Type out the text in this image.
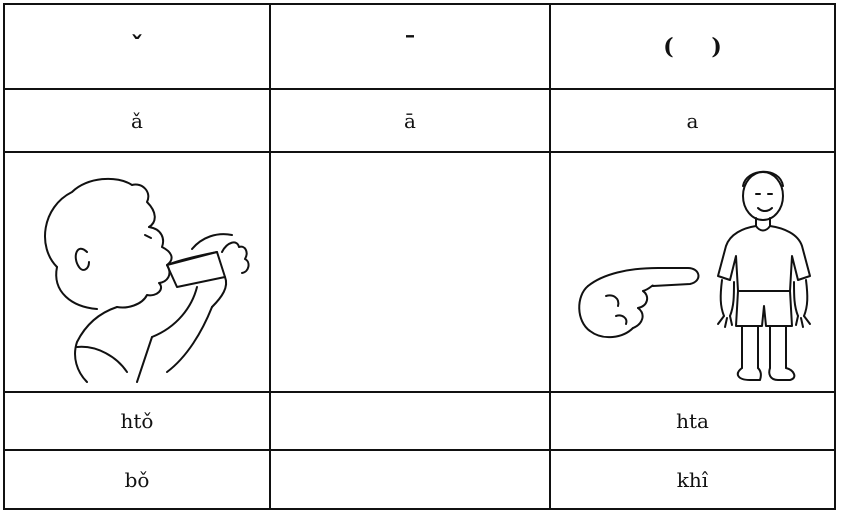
ˇ	¯	( )
ǎ	ā	a

htǒ		hta
bǒ		khî
